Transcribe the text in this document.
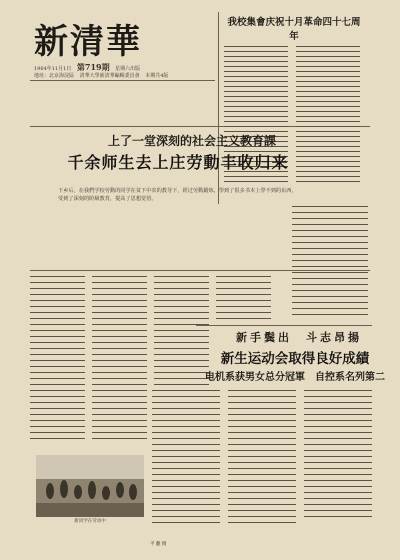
新清華
1964年11月1日 第719期 星期六出版
地址：北京海淀區 清華大學新清華編輯委員會 本期共4版
我校集會庆祝十月革命四十七周年
上了一堂深刻的社会主义教育課
千余师生去上庄劳動丰收归来
下乡后，在我們学校劳動的同学在贫下中农的教导下，經过劳動鍛炼，學到了很多书本上學不到的东西，受到了深刻的阶級教育，提高了思想觉悟。
新手鬓出　斗志昂揚
新生运动会取得良好成績
电机系获男女总分冠軍　自控系名列第二
新同学在劳动中
平 翻 摄
